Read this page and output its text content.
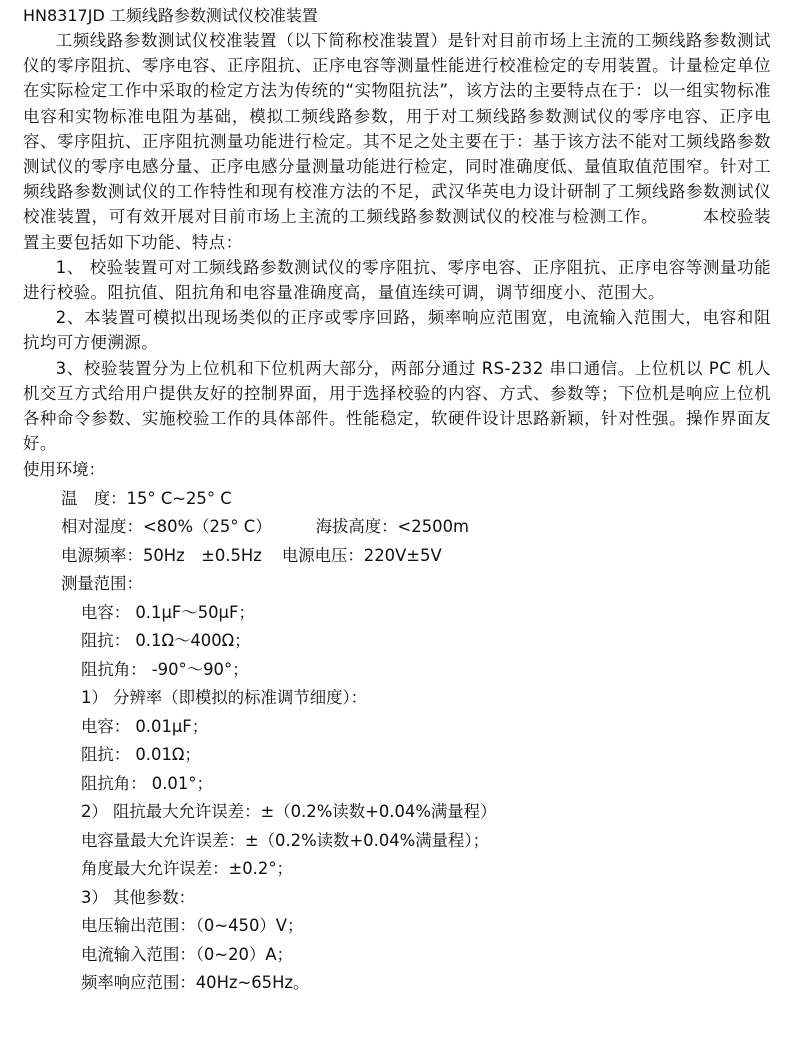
HN8317JD 工频线路参数测试仪校准装置

工频线路参数测试仪校准装置（以下简称校准装置）是针对目前市场上主流的工频线路参数测试仪的零序阻抗、零序电容、正序阻抗、正序电容等测量性能进行校准检定的专用装置。计量检定单位在实际检定工作中采取的检定方法为传统的“实物阻抗法”，该方法的主要特点在于：以一组实物标准电容和实物标准电阻为基础，模拟工频线路参数，用于对工频线路参数测试仪的零序电容、正序电容、零序阻抗、正序阻抗测量功能进行检定。其不足之处主要在于：基于该方法不能对工频线路参数测试仪的零序电感分量、正序电感分量测量功能进行检定，同时准确度低、量值取值范围窄。针对工频线路参数测试仪的工作特性和现有校准方法的不足，武汉华英电力设计研制了工频线路参数测试仪校准装置，可有效开展对目前市场上主流的工频线路参数测试仪的校准与检测工作。	本校验装置主要包括如下功能、特点：

1、 校验装置可对工频线路参数测试仪的零序阻抗、零序电容、正序阻抗、正序电容等测量功能进行校验。阻抗值、阻抗角和电容量准确度高，量值连续可调，调节细度小、范围大。

2、本装置可模拟出现场类似的正序或零序回路，频率响应范围宽，电流输入范围大，电容和阻抗均可方便溯源。

3、校验装置分为上位机和下位机两大部分，两部分通过 RS-232 串口通信。上位机以 PC 机人机交互方式给用户提供友好的控制界面，用于选择校验的内容、方式、参数等；下位机是响应上位机各种命令参数、实施校验工作的具体部件。性能稳定，软硬件设计思路新颖，针对性强。操作界面友好。

使用环境：
温　度：15° C~25° C
相对湿度：<80%（25° C）	海拔高度：<2500m
电源频率：50Hz　±0.5Hz 电源电压：220V±5V
测量范围：
电容： 0.1μF～50μF；
阻抗： 0.1Ω～400Ω；
阻抗角： -90°～90°；
1） 分辨率（即模拟的标准调节细度）：
电容： 0.01μF；
阻抗： 0.01Ω；
阻抗角： 0.01°；
2） 阻抗最大允许误差：±（0.2%读数+0.04%满量程）
电容量最大允许误差：±（0.2%读数+0.04%满量程）；
角度最大允许误差：±0.2°；
3） 其他参数：
电压输出范围：（0~450）V；
电流输入范围：（0~20）A；
频率响应范围：40Hz~65Hz。
